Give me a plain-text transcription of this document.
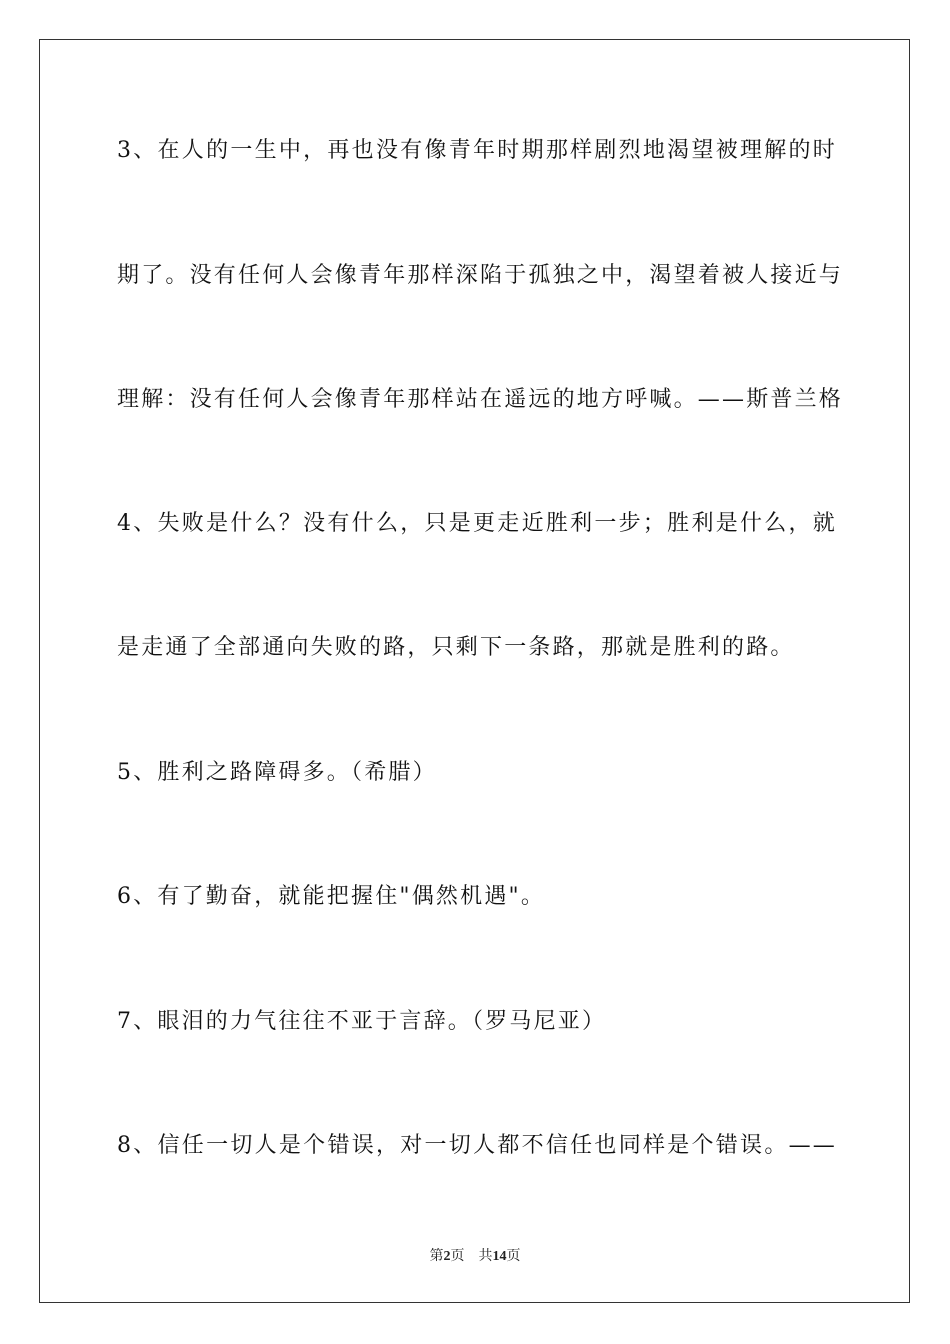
3、在人的一生中，再也没有像青年时期那样剧烈地渴望被理解的时
期了。没有任何人会像青年那样深陷于孤独之中，渴望着被人接近与
理解：没有任何人会像青年那样站在遥远的地方呼喊。——斯普兰格
4、失败是什么？没有什么，只是更走近胜利一步；胜利是什么，就
是走通了全部通向失败的路，只剩下一条路，那就是胜利的路。
5、胜利之路障碍多。（希腊）
6、有了勤奋，就能把握住"偶然机遇"。
7、眼泪的力气往往不亚于言辞。（罗马尼亚）
8、信任一切人是个错误，对一切人都不信任也同样是个错误。——
第2页 共14页
